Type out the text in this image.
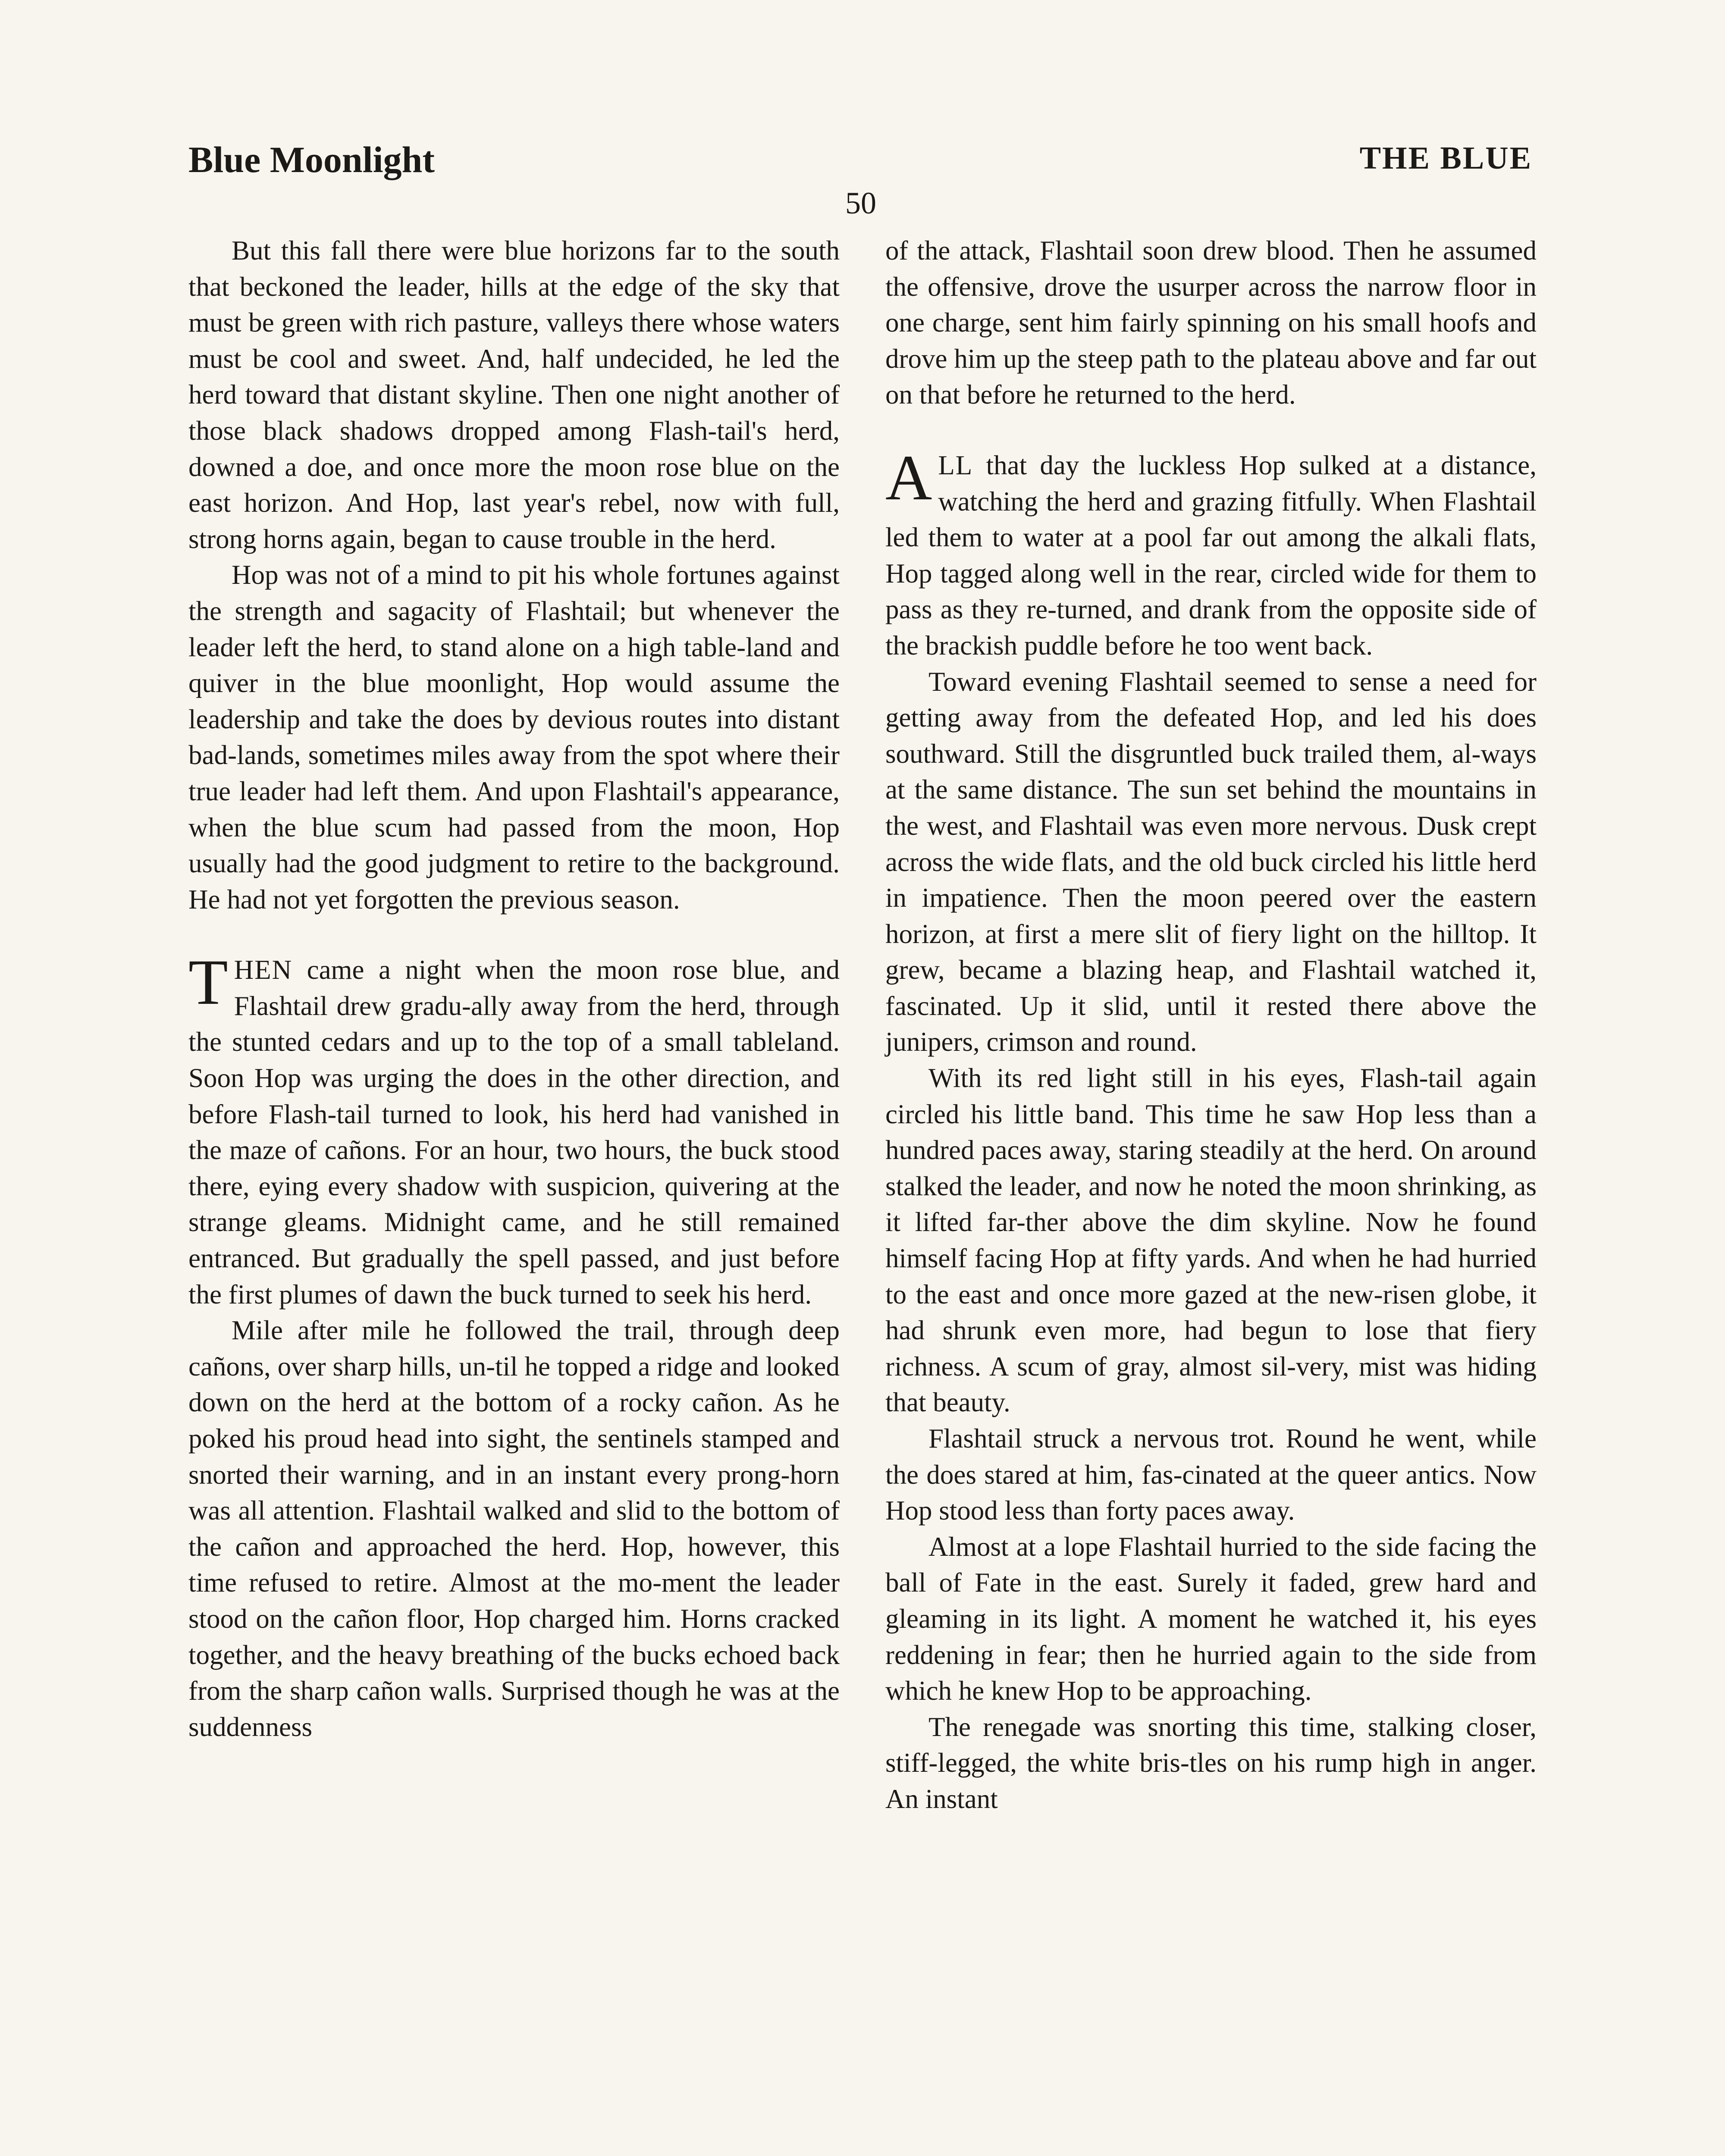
Blue Moonlight	THE BLUE
50

But this fall there were blue horizons far to the south that beckoned the leader, hills at the edge of the sky that must be green with rich pasture, valleys there whose waters must be cool and sweet. And, half undecided, he led the herd toward that distant skyline. Then one night another of those black shadows dropped among Flash-tail's herd, downed a doe, and once more the moon rose blue on the east horizon. And Hop, last year's rebel, now with full, strong horns again, began to cause trouble in the herd.

Hop was not of a mind to pit his whole fortunes against the strength and sagacity of Flashtail; but whenever the leader left the herd, to stand alone on a high table-land and quiver in the blue moonlight, Hop would assume the leadership and take the does by devious routes into distant bad-lands, sometimes miles away from the spot where their true leader had left them. And upon Flashtail's appearance, when the blue scum had passed from the moon, Hop usually had the good judgment to retire to the background. He had not yet forgotten the previous season.

THEN came a night when the moon rose blue, and Flashtail drew gradu-ally away from the herd, through the stunted cedars and up to the top of a small tableland. Soon Hop was urging the does in the other direction, and before Flash-tail turned to look, his herd had vanished in the maze of cañons. For an hour, two hours, the buck stood there, eying every shadow with suspicion, quivering at the strange gleams. Midnight came, and he still remained entranced. But gradually the spell passed, and just before the first plumes of dawn the buck turned to seek his herd.

Mile after mile he followed the trail, through deep cañons, over sharp hills, un-til he topped a ridge and looked down on the herd at the bottom of a rocky cañon. As he poked his proud head into sight, the sentinels stamped and snorted their warning, and in an instant every prong-horn was all attention. Flashtail walked and slid to the bottom of the cañon and approached the herd. Hop, however, this time refused to retire. Almost at the mo-ment the leader stood on the cañon floor, Hop charged him. Horns cracked together, and the heavy breathing of the bucks echoed back from the sharp cañon walls. Surprised though he was at the suddenness

of the attack, Flashtail soon drew blood. Then he assumed the offensive, drove the usurper across the narrow floor in one charge, sent him fairly spinning on his small hoofs and drove him up the steep path to the plateau above and far out on that before he returned to the herd.

ALL that day the luckless Hop sulked at a distance, watching the herd and grazing fitfully. When Flashtail led them to water at a pool far out among the alkali flats, Hop tagged along well in the rear, circled wide for them to pass as they re-turned, and drank from the opposite side of the brackish puddle before he too went back.

Toward evening Flashtail seemed to sense a need for getting away from the defeated Hop, and led his does southward. Still the disgruntled buck trailed them, al-ways at the same distance. The sun set behind the mountains in the west, and Flashtail was even more nervous. Dusk crept across the wide flats, and the old buck circled his little herd in impatience. Then the moon peered over the eastern horizon, at first a mere slit of fiery light on the hilltop. It grew, became a blazing heap, and Flashtail watched it, fascinated. Up it slid, until it rested there above the junipers, crimson and round.

With its red light still in his eyes, Flash-tail again circled his little band. This time he saw Hop less than a hundred paces away, staring steadily at the herd. On around stalked the leader, and now he noted the moon shrinking, as it lifted far-ther above the dim skyline. Now he found himself facing Hop at fifty yards. And when he had hurried to the east and once more gazed at the new-risen globe, it had shrunk even more, had begun to lose that fiery richness. A scum of gray, almost sil-very, mist was hiding that beauty.

Flashtail struck a nervous trot. Round he went, while the does stared at him, fas-cinated at the queer antics. Now Hop stood less than forty paces away.

Almost at a lope Flashtail hurried to the side facing the ball of Fate in the east. Surely it faded, grew hard and gleaming in its light. A moment he watched it, his eyes reddening in fear; then he hurried again to the side from which he knew Hop to be approaching.

The renegade was snorting this time, stalking closer, stiff-legged, the white bris-tles on his rump high in anger. An instant
